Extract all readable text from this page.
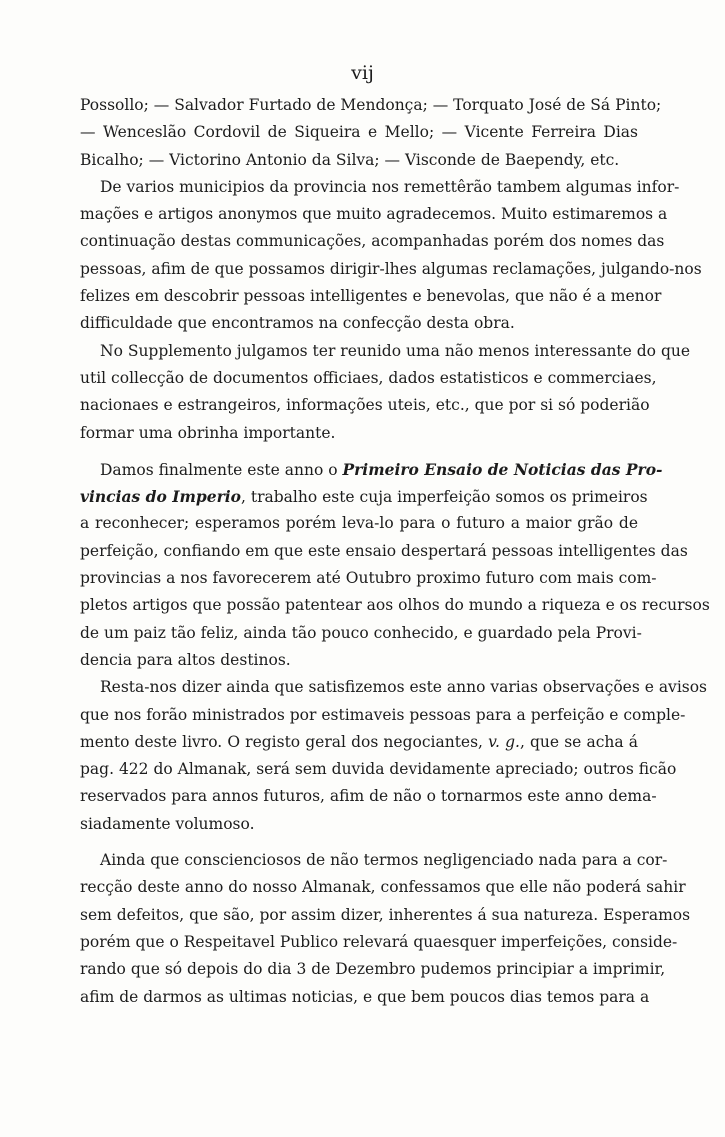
vij
Possollo; — Salvador Furtado de Mendonça; — Torquato José de Sá Pinto;
— Wenceslão Cordovil de Siqueira e Mello; — Vicente Ferreira Dias
Bicalho; — Victorino Antonio da Silva; — Visconde de Baependy, etc.
De varios municipios da provincia nos remettêrão tambem algumas infor-
mações e artigos anonymos que muito agradecemos. Muito estimaremos a
continuação destas communicações, acompanhadas porém dos nomes das
pessoas, afim de que possamos dirigir-lhes algumas reclamações, julgando-nos
felizes em descobrir pessoas intelligentes e benevolas, que não é a menor
difficuldade que encontramos na confecção desta obra.
No Supplemento julgamos ter reunido uma não menos interessante do que
util collecção de documentos officiaes, dados estatisticos e commerciaes,
nacionaes e estrangeiros, informações uteis, etc., que por si só poderião
formar uma obrinha importante.
Damos finalmente este anno o Primeiro Ensaio de Noticias das Pro-
vincias do Imperio, trabalho este cuja imperfeição somos os primeiros
a reconhecer; esperamos porém leva-lo para o futuro a maior grão de
perfeição, confiando em que este ensaio despertará pessoas intelligentes das
provincias a nos favorecerem até Outubro proximo futuro com mais com-
pletos artigos que possão patentear aos olhos do mundo a riqueza e os recursos
de um paiz tão feliz, ainda tão pouco conhecido, e guardado pela Provi-
dencia para altos destinos.
Resta-nos dizer ainda que satisfizemos este anno varias observações e avisos
que nos forão ministrados por estimaveis pessoas para a perfeição e comple-
mento deste livro. O registo geral dos negociantes, v. g., que se acha á
pag. 422 do Almanak, será sem duvida devidamente apreciado; outros ficão
reservados para annos futuros, afim de não o tornarmos este anno dema-
siadamente volumoso.
Ainda que conscienciosos de não termos negligenciado nada para a cor-
recção deste anno do nosso Almanak, confessamos que elle não poderá sahir
sem defeitos, que são, por assim dizer, inherentes á sua natureza. Esperamos
porém que o Respeitavel Publico relevará quaesquer imperfeições, conside-
rando que só depois do dia 3 de Dezembro pudemos principiar a imprimir,
afim de darmos as ultimas noticias, e que bem poucos dias temos para a
